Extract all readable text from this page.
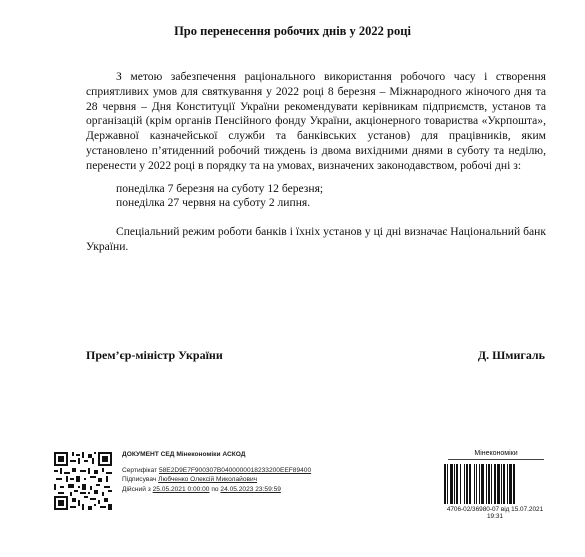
Про перенесення робочих днів у 2022 році

З метою забезпечення раціонального використання робочого часу і створення сприятливих умов для святкування у 2022 році 8 березня – Міжнародного жіночого дня та 28 червня – Дня Конституції України рекомендувати керівникам підприємств, установ та організацій (крім органів Пенсійного фонду України, акціонерного товариства «Укрпошта», Державної казначейської служби та банківських установ) для працівників, яким установлено п’ятиденний робочий тиждень із двома вихідними днями в суботу та неділю, перенести у 2022 році в порядку та на умовах, визначених законодавством, робочі дні з:

понеділка 7 березня на суботу 12 березня;
понеділка 27 червня на суботу 2 липня.

Спеціальний режим роботи банків і їхніх установ у ці дні визначає Національний банк України.

Прем’єр-міністр України	Д. Шмигаль
ДОКУМЕНТ СЕД Мінекономіки АСКОД
Сертифікат 58E2D9E7F900307B0400000018233200EEF89400
Підписувач Любченко Олексій Миколайович
Дійсний з 25.05.2021 0:00:00 по 24.05.2023 23:59:59
Мінекономіки
4706-02/36980-07 від 15.07.2021
19:31
